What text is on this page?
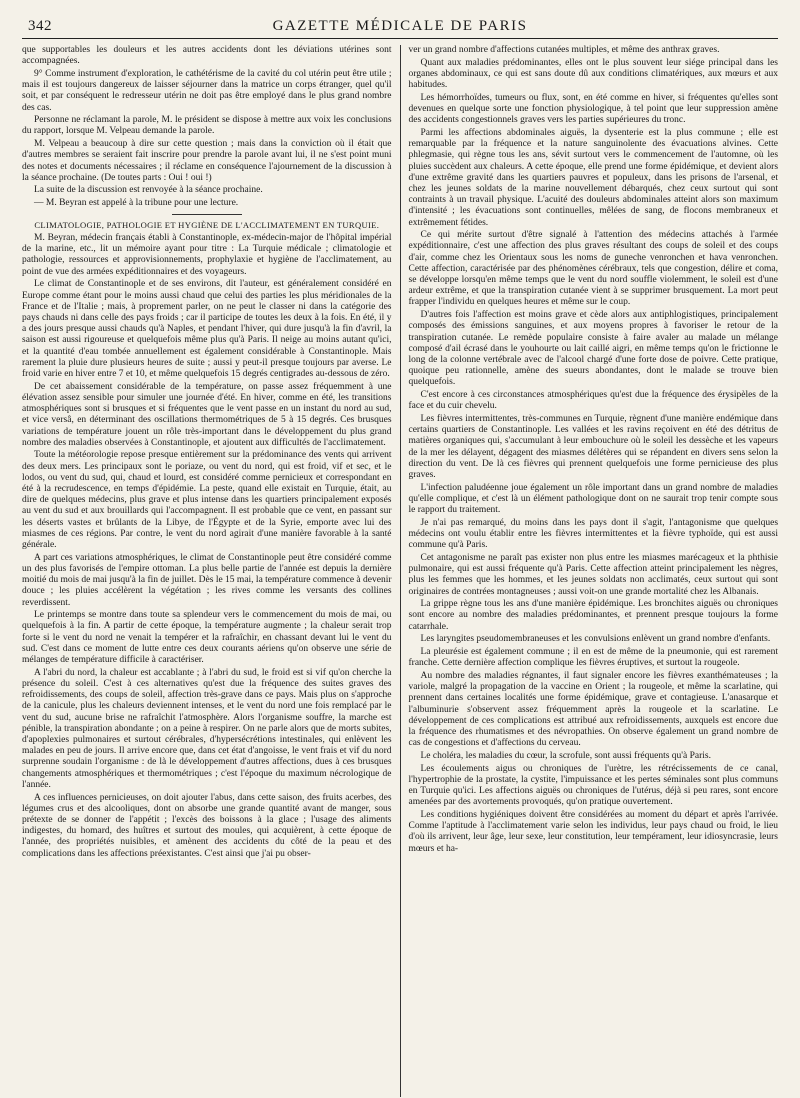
342	GAZETTE MÉDICALE DE PARIS

que supportables les douleurs et les autres accidents dont les déviations utérines sont accompagnées.

9° Comme instrument d'exploration, le cathétérisme de la cavité du col utérin peut être utile ; mais il est toujours dangereux de laisser séjourner dans la matrice un corps étranger, quel qu'il soit, et par conséquent le redresseur utérin ne doit pas être employé dans le plus grand nombre des cas.

Personne ne réclamant la parole, M. le président se dispose à mettre aux voix les conclusions du rapport, lorsque M. Velpeau demande la parole.

M. Velpeau a beaucoup à dire sur cette question ; mais dans la conviction où il était que d'autres membres se seraient fait inscrire pour prendre la parole avant lui, il ne s'est point muni des notes et documents nécessaires ; il réclame en conséquence l'ajournement de la discussion à la séance prochaine. (De toutes parts : Oui ! oui !)

La suite de la discussion est renvoyée à la séance prochaine.

— M. Beyran est appelé à la tribune pour une lecture.

CLIMATOLOGIE, PATHOLOGIE ET HYGIÈNE DE L'ACCLIMATEMENT EN TURQUIE.

M. Beyran, médecin français établi à Constantinople, ex-médecin-major de l'hôpital impérial de la marine, etc., lit un mémoire ayant pour titre : La Turquie médicale ; climatologie et pathologie, ressources et approvisionnements, prophylaxie et hygiène de l'acclimatement, au point de vue des armées expéditionnaires et des voyageurs.

Le climat de Constantinople et de ses environs, dit l'auteur, est généralement considéré en Europe comme étant pour le moins aussi chaud que celui des parties les plus méridionales de la France et de l'Italie ; mais, à proprement parler, on ne peut le classer ni dans la catégorie des pays chauds ni dans celle des pays froids ; car il participe de toutes les deux à la fois. En été, il y a des jours presque aussi chauds qu'à Naples, et pendant l'hiver, qui dure jusqu'à la fin d'avril, la saison est aussi rigoureuse et quelquefois même plus qu'à Paris. Il neige au moins autant qu'ici, et la quantité d'eau tombée annuellement est également considérable à Constantinople. Mais rarement la pluie dure plusieurs heures de suite ; aussi y peut-il presque toujours par averse. Le froid varie en hiver entre 7 et 10, et même quelquefois 15 degrés centigrades au-dessous de zéro.

De cet abaissement considérable de la température, on passe assez fréquemment à une élévation assez sensible pour simuler une journée d'été. En hiver, comme en été, les transitions atmosphériques sont si brusques et si fréquentes que le vent passe en un instant du nord au sud, et vice versâ, en déterminant des oscillations thermométriques de 5 à 15 degrés. Ces brusques variations de température jouent un rôle très-important dans le développement du plus grand nombre des maladies observées à Constantinople, et ajoutent aux difficultés de l'acclimatement.

Toute la météorologie repose presque entièrement sur la prédominance des vents qui arrivent des deux mers. Les principaux sont le poriaze, ou vent du nord, qui est froid, vif et sec, et le lodos, ou vent du sud, qui, chaud et lourd, est considéré comme pernicieux et correspondant en été à la recrudescence, en temps d'épidémie. La peste, quand elle existait en Turquie, était, au dire de quelques médecins, plus grave et plus intense dans les quartiers principalement exposés au vent du sud et aux brouillards qui l'accompagnent. Il est probable que ce vent, en passant sur les déserts vastes et brûlants de la Libye, de l'Égypte et de la Syrie, emporte avec lui des miasmes de ces régions. Par contre, le vent du nord agirait d'une manière favorable à la santé générale.

A part ces variations atmosphériques, le climat de Constantinople peut être considéré comme un des plus favorisés de l'empire ottoman. La plus belle partie de l'année est depuis la dernière moitié du mois de mai jusqu'à la fin de juillet. Dès le 15 mai, la température commence à devenir douce ; les pluies accélèrent la végétation ; les rives comme les versants des collines reverdissent.

Le printemps se montre dans toute sa splendeur vers le commencement du mois de mai, ou quelquefois à la fin. A partir de cette époque, la température augmente ; la chaleur serait trop forte si le vent du nord ne venait la tempérer et la rafraîchir, en chassant devant lui le vent du sud. C'est dans ce moment de lutte entre ces deux courants aériens qu'on observe une série de mélanges de température difficile à caractériser.

A l'abri du nord, la chaleur est accablante ; à l'abri du sud, le froid est si vif qu'on cherche la présence du soleil. C'est à ces alternatives qu'est due la fréquence des suites graves des refroidissements, des coups de soleil, affection très-grave dans ce pays. Mais plus on s'approche de la canicule, plus les chaleurs deviennent intenses, et le vent du nord une fois remplacé par le vent du sud, aucune brise ne rafraîchit l'atmosphère. Alors l'organisme souffre, la marche est pénible, la transpiration abondante ; on a peine à respirer. On ne parle alors que de morts subites, d'apoplexies pulmonaires et surtout cérébrales, d'hypersécrétions intestinales, qui enlèvent les malades en peu de jours. Il arrive encore que, dans cet état d'angoisse, le vent frais et vif du nord surprenne soudain l'organisme : de là le développement d'autres affections, dues à ces brusques changements atmosphériques et thermométriques ; c'est l'époque du maximum nécrologique de l'année.

A ces influences pernicieuses, on doit ajouter l'abus, dans cette saison, des fruits acerbes, des légumes crus et des alcooliques, dont on absorbe une grande quantité avant de manger, sous prétexte de se donner de l'appétit ; l'excès des boissons à la glace ; l'usage des aliments indigestes, du homard, des huîtres et surtout des moules, qui acquièrent, à cette époque de l'année, des propriétés nuisibles, et amènent des accidents du côté de la peau et des complications dans les affections préexistantes. C'est ainsi que j'ai pu obser-

ver un grand nombre d'affections cutanées multiples, et même des anthrax graves.

Quant aux maladies prédominantes, elles ont le plus souvent leur siége principal dans les organes abdominaux, ce qui est sans doute dû aux conditions climatériques, aux mœurs et aux habitudes.

Les hémorrhoïdes, tumeurs ou flux, sont, en été comme en hiver, si fréquentes qu'elles sont devenues en quelque sorte une fonction physiologique, à tel point que leur suppression amène des accidents congestionnels graves vers les parties supérieures du tronc.

Parmi les affections abdominales aiguës, la dysenterie est la plus commune ; elle est remarquable par la fréquence et la nature sanguinolente des évacuations alvines. Cette phlegmasie, qui règne tous les ans, sévit surtout vers le commencement de l'automne, où les pluies succèdent aux chaleurs. A cette époque, elle prend une forme épidémique, et devient alors d'une extrême gravité dans les quartiers pauvres et populeux, dans les prisons de l'arsenal, et chez les jeunes soldats de la marine nouvellement débarqués, chez ceux surtout qui sont contraints à un travail physique. L'acuité des douleurs abdominales atteint alors son maximum d'intensité ; les évacuations sont continuelles, mêlées de sang, de flocons membraneux et extrêmement fétides.

Ce qui mérite surtout d'être signalé à l'attention des médecins attachés à l'armée expéditionnaire, c'est une affection des plus graves résultant des coups de soleil et des coups d'air, comme chez les Orientaux sous les noms de guneche venronchen et hava venronchen. Cette affection, caractérisée par des phénomènes cérébraux, tels que congestion, délire et coma, se développe lorsqu'en même temps que le vent du nord souffle violemment, le soleil est d'une ardeur extrême, et que la transpiration cutanée vient à se supprimer brusquement. La mort peut frapper l'individu en quelques heures et même sur le coup.

D'autres fois l'affection est moins grave et cède alors aux antiphlogistiques, principalement composés des émissions sanguines, et aux moyens propres à favoriser le retour de la transpiration cutanée. Le remède populaire consiste à faire avaler au malade un mélange composé d'ail écrasé dans le youhourte ou lait caillé aigri, en même temps qu'on le frictionne le long de la colonne vertébrale avec de l'alcool chargé d'une forte dose de poivre. Cette pratique, quoique peu rationnelle, amène des sueurs abondantes, dont le malade se trouve bien quelquefois.

C'est encore à ces circonstances atmosphériques qu'est due la fréquence des érysipèles de la face et du cuir chevelu.

Les fièvres intermittentes, très-communes en Turquie, règnent d'une manière endémique dans certains quartiers de Constantinople. Les vallées et les ravins reçoivent en été des détritus de matières organiques qui, s'accumulant à leur embouchure où le soleil les dessèche et les vapeurs de la mer les délayent, dégagent des miasmes délétères qui se répandent en divers sens selon la direction du vent. De là ces fièvres qui prennent quelquefois une forme pernicieuse des plus graves.

L'infection paludéenne joue également un rôle important dans un grand nombre de maladies qu'elle complique, et c'est là un élément pathologique dont on ne saurait trop tenir compte sous le rapport du traitement.

Je n'ai pas remarqué, du moins dans les pays dont il s'agit, l'antagonisme que quelques médecins ont voulu établir entre les fièvres intermittentes et la fièvre typhoïde, qui est aussi commune qu'à Paris.

Cet antagonisme ne paraît pas exister non plus entre les miasmes marécageux et la phthisie pulmonaire, qui est aussi fréquente qu'à Paris. Cette affection atteint principalement les nègres, plus les femmes que les hommes, et les jeunes soldats non acclimatés, ceux surtout qui sont originaires de contrées montagneuses ; aussi voit-on une grande mortalité chez les Albanais.

La grippe règne tous les ans d'une manière épidémique. Les bronchites aiguës ou chroniques sont encore au nombre des maladies prédominantes, et prennent presque toujours la forme catarrhale.

Les laryngites pseudomembraneuses et les convulsions enlèvent un grand nombre d'enfants.

La pleurésie est également commune ; il en est de même de la pneumonie, qui est rarement franche. Cette dernière affection complique les fièvres éruptives, et surtout la rougeole.

Au nombre des maladies régnantes, il faut signaler encore les fièvres exanthémateuses ; la variole, malgré la propagation de la vaccine en Orient ; la rougeole, et même la scarlatine, qui prennent dans certaines localités une forme épidémique, grave et contagieuse. L'anasarque et l'albuminurie s'observent assez fréquemment après la rougeole et la scarlatine. Le développement de ces complications est attribué aux refroidissements, auxquels est encore due la fréquence des rhumatismes et des névropathies. On observe également un grand nombre de cas de congestions et d'affections du cerveau.

Le choléra, les maladies du cœur, la scrofule, sont aussi fréquents qu'à Paris.

Les écoulements aigus ou chroniques de l'urètre, les rétrécissements de ce canal, l'hypertrophie de la prostate, la cystite, l'impuissance et les pertes séminales sont plus communs en Turquie qu'ici. Les affections aiguës ou chroniques de l'utérus, déjà si peu rares, sont encore amenées par des avortements provoqués, qu'on pratique ouvertement.

Les conditions hygiéniques doivent être considérées au moment du départ et après l'arrivée. Comme l'aptitude à l'acclimatement varie selon les individus, leur pays chaud ou froid, le lieu d'où ils arrivent, leur âge, leur sexe, leur constitution, leur tempérament, leur idiosyncrasie, leurs mœurs et ha-
